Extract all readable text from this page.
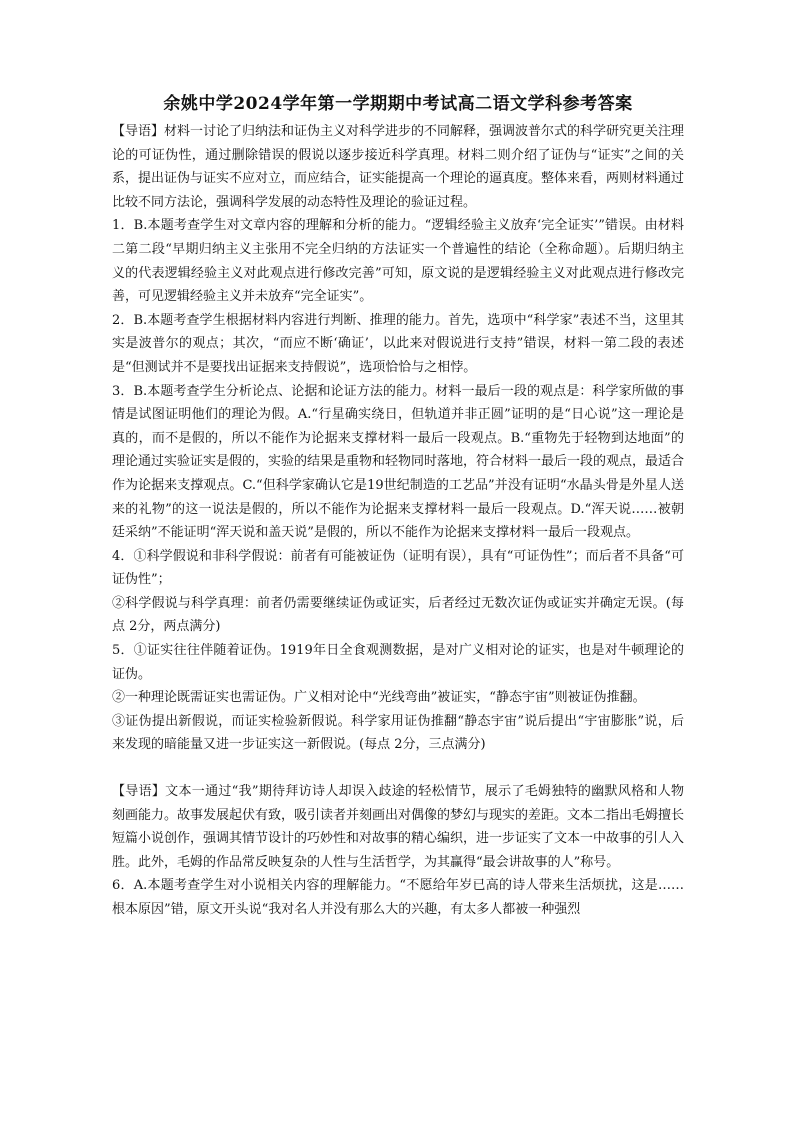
余姚中学2024学年第一学期期中考试高二语文学科参考答案

【导语】材料一讨论了归纳法和证伪主义对科学进步的不同解释，强调波普尔式的科学研究更关注理论的可证伪性，通过删除错误的假说以逐步接近科学真理。材料二则介绍了证伪与“证实”之间的关系，提出证伪与证实不应对立，而应结合，证实能提高一个理论的逼真度。整体来看，两则材料通过比较不同方法论，强调科学发展的动态特性及理论的验证过程。

1．B.本题考查学生对文章内容的理解和分析的能力。“逻辑经验主义放弃‘完全证实’”错误。由材料二第二段“早期归纳主义主张用不完全归纳的方法证实一个普遍性的结论（全称命题）。后期归纳主义的代表逻辑经验主义对此观点进行修改完善”可知，原文说的是逻辑经验主义对此观点进行修改完善，可见逻辑经验主义并未放弃“完全证实”。

2．B.本题考查学生根据材料内容进行判断、推理的能力。首先，选项中“科学家”表述不当，这里其实是波普尔的观点；其次，“而应不断‘确证’，以此来对假说进行支持”错误，材料一第二段的表述是“但测试并不是要找出证据来支持假说”，选项恰恰与之相悖。

3．B.本题考查学生分析论点、论据和论证方法的能力。材料一最后一段的观点是：科学家所做的事情是试图证明他们的理论为假。A.“行星确实绕日，但轨道并非正圆”证明的是“日心说”这一理论是真的，而不是假的，所以不能作为论据来支撑材料一最后一段观点。B.“重物先于轻物到达地面”的理论通过实验证实是假的，实验的结果是重物和轻物同时落地，符合材料一最后一段的观点，最适合作为论据来支撑观点。C.“但科学家确认它是19世纪制造的工艺品”并没有证明“水晶头骨是外星人送来的礼物”的这一说法是假的，所以不能作为论据来支撑材料一最后一段观点。D.“浑天说……被朝廷采纳”不能证明“浑天说和盖天说”是假的，所以不能作为论据来支撑材料一最后一段观点。

4．①科学假说和非科学假说：前者有可能被证伪（证明有误），具有“可证伪性”；而后者不具备“可证伪性”；

②科学假说与科学真理：前者仍需要继续证伪或证实，后者经过无数次证伪或证实并确定无误。(每点 2分，两点满分)

5．①证实往往伴随着证伪。1919年日全食观测数据，是对广义相对论的证实，也是对牛顿理论的证伪。

②一种理论既需证实也需证伪。广义相对论中“光线弯曲”被证实，“静态宇宙”则被证伪推翻。

③证伪提出新假说，而证实检验新假说。科学家用证伪推翻“静态宇宙”说后提出“宇宙膨胀”说，后来发现的暗能量又进一步证实这一新假说。(每点 2分，三点满分)

【导语】文本一通过“我”期待拜访诗人却误入歧途的轻松情节，展示了毛姆独特的幽默风格和人物刻画能力。故事发展起伏有致，吸引读者并刻画出对偶像的梦幻与现实的差距。文本二指出毛姆擅长短篇小说创作，强调其情节设计的巧妙性和对故事的精心编织，进一步证实了文本一中故事的引人入胜。此外，毛姆的作品常反映复杂的人性与生活哲学，为其赢得“最会讲故事的人”称号。

6．A.本题考查学生对小说相关内容的理解能力。“不愿给年岁已高的诗人带来生活烦扰，这是……根本原因”错，原文开头说“我对名人并没有那么大的兴趣，有太多人都被一种强烈
